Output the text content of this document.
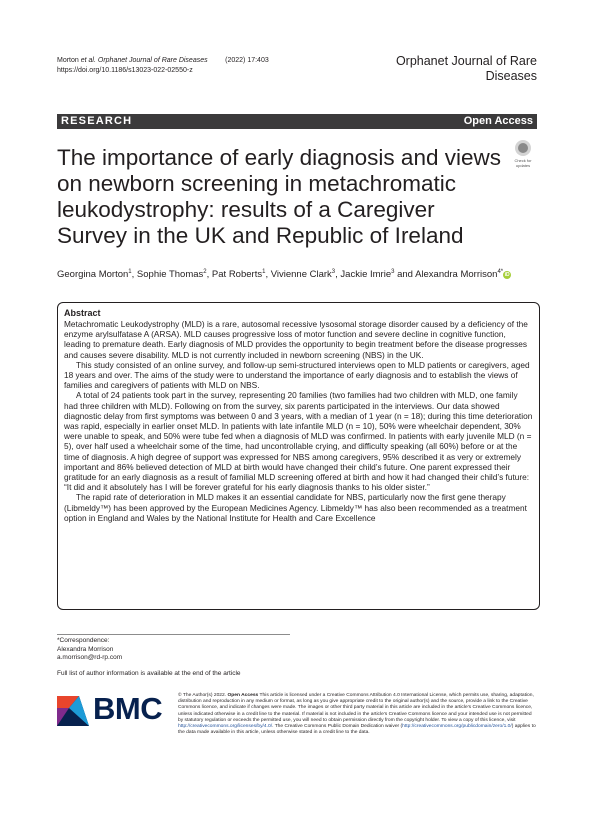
Morton et al. Orphanet Journal of Rare Diseases	(2022) 17:403
https://doi.org/10.1186/s13023-022-02550-z
Orphanet Journal of Rare
Diseases
RESEARCH	Open Access
Check for
updates
The importance of early diagnosis and views on newborn screening in metachromatic leukodystrophy: results of a Caregiver Survey in the UK and Republic of Ireland
Georgina Morton$^1$, Sophie Thomas$^2$, Pat Roberts$^1$, Vivienne Clark$^3$, Jackie Imrie$^3$ and Alexandra Morrison$^{4*}$iD
Abstract

Metachromatic Leukodystrophy (MLD) is a rare, autosomal recessive lysosomal storage disorder caused by a deficiency of the enzyme arylsulfatase A (ARSA). MLD causes progressive loss of motor function and severe decline in cognitive function, leading to premature death. Early diagnosis of MLD provides the opportunity to begin treatment before the disease progresses and causes severe disability. MLD is not currently included in newborn screening (NBS) in the UK.

This study consisted of an online survey, and follow-up semi-structured interviews open to MLD patients or caregivers, aged 18 years and over. The aims of the study were to understand the importance of early diagnosis and to establish the views of families and caregivers of patients with MLD on NBS.

A total of 24 patients took part in the survey, representing 20 families (two families had two children with MLD, one family had three children with MLD). Following on from the survey, six parents participated in the interviews. Our data showed diagnostic delay from first symptoms was between 0 and 3 years, with a median of 1 year (n = 18); during this time deterioration was rapid, especially in earlier onset MLD. In patients with late infantile MLD (n = 10), 50% were wheelchair dependent, 30% were unable to speak, and 50% were tube fed when a diagnosis of MLD was confirmed. In patients with early juvenile MLD (n = 5), over half used a wheelchair some of the time, had uncontrollable crying, and difficulty speaking (all 60%) before or at the time of diagnosis. A high degree of support was expressed for NBS among caregivers, 95% described it as very or extremely important and 86% believed detection of MLD at birth would have changed their child’s future. One parent expressed their gratitude for an early diagnosis as a result of familial MLD screening offered at birth and how it had changed their child’s future: “It did and it absolutely has I will be forever grateful for his early diagnosis thanks to his older sister.”

The rapid rate of deterioration in MLD makes it an essential candidate for NBS, particularly now the first gene therapy (Libmeldy™) has been approved by the European Medicines Agency. Libmeldy™ has also been recommended as a treatment option in England and Wales by the National Institute for Health and Care Excellence

*Correspondence:
Alexandra Morrison
a.morrison@rd-rp.com
Full list of author information is available at the end of the article
BMC	© The Author(s) 2022. Open Access This article is licensed under a Creative Commons Attribution 4.0 International License, which permits use, sharing, adaptation, distribution and reproduction in any medium or format, as long as you give appropriate credit to the original author(s) and the source, provide a link to the Creative Commons licence, and indicate if changes were made. The images or other third party material in this article are included in the article’s Creative Commons licence, unless indicated otherwise in a credit line to the material. If material is not included in the article’s Creative Commons licence and your intended use is not permitted by statutory regulation or exceeds the permitted use, you will need to obtain permission directly from the copyright holder. To view a copy of this licence, visit http://creativecommons.org/licenses/by/4.0/. The Creative Commons Public Domain Dedication waiver (http://creativecommons.org/publicdomain/zero/1.0/) applies to the data made available in this article, unless otherwise stated in a credit line to the data.
